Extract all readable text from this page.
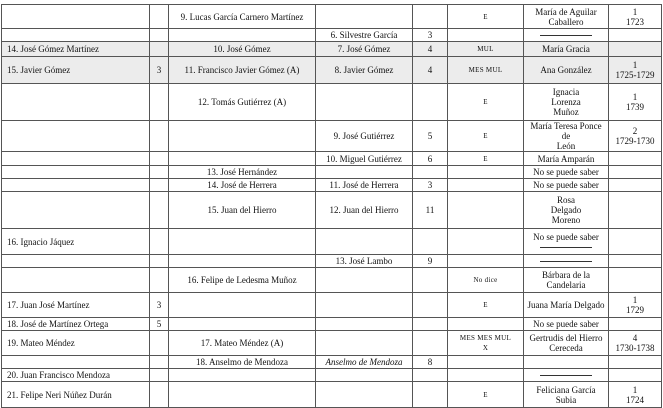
		9. Lucas García Carnero Martínez			E	María de Aguilar
Caballero	1
1723

			6. Silvestre García	3			

14. José Gómez Martínez		10. José Gómez	7. José Gómez	4	MUL	María Gracia	

15. Javier Gómez	3	11. Francisco Javier Gómez (A)	8. Javier Gómez	4	MES MUL	Ana González	1
1725-1729

		12. Tomás Gutiérrez (A)			E	Ignacia
Lorenza
Muñoz	1
1739

			9. José Gutiérrez	5	E	María Teresa Ponce de
León	2
1729-1730

			10. Miguel Gutiérrez	6	E	María Amparán	

		13. José Hernández				No se puede saber	

		14. José de Herrera	11. José de Herrera	3		No se puede saber	

		15. Juan del Hierro	12. Juan del Hierro	11		Rosa
Delgado
Moreno	

16. Ignacio Jáquez						No se puede saber	

			13. José Lambo	9			

		16. Felipe de Ledesma Muñoz			No dice	Bárbara de la
Candelaria	

17. Juan José Martínez	3				E	Juana María Delgado	1
1729

18. José de Martínez Ortega	5					No se puede saber	

19. Mateo Méndez		17. Mateo Méndez (A)			MES MES MUL
X	Gertrudis del Hierro
Cereceda	4
1730-1738

		18. Anselmo de Mendoza	Anselmo de Mendoza	8			

20. Juan Francisco Mendoza							

21. Felipe Neri Núñez Durán					E	Feliciana García Subia	1
1724
